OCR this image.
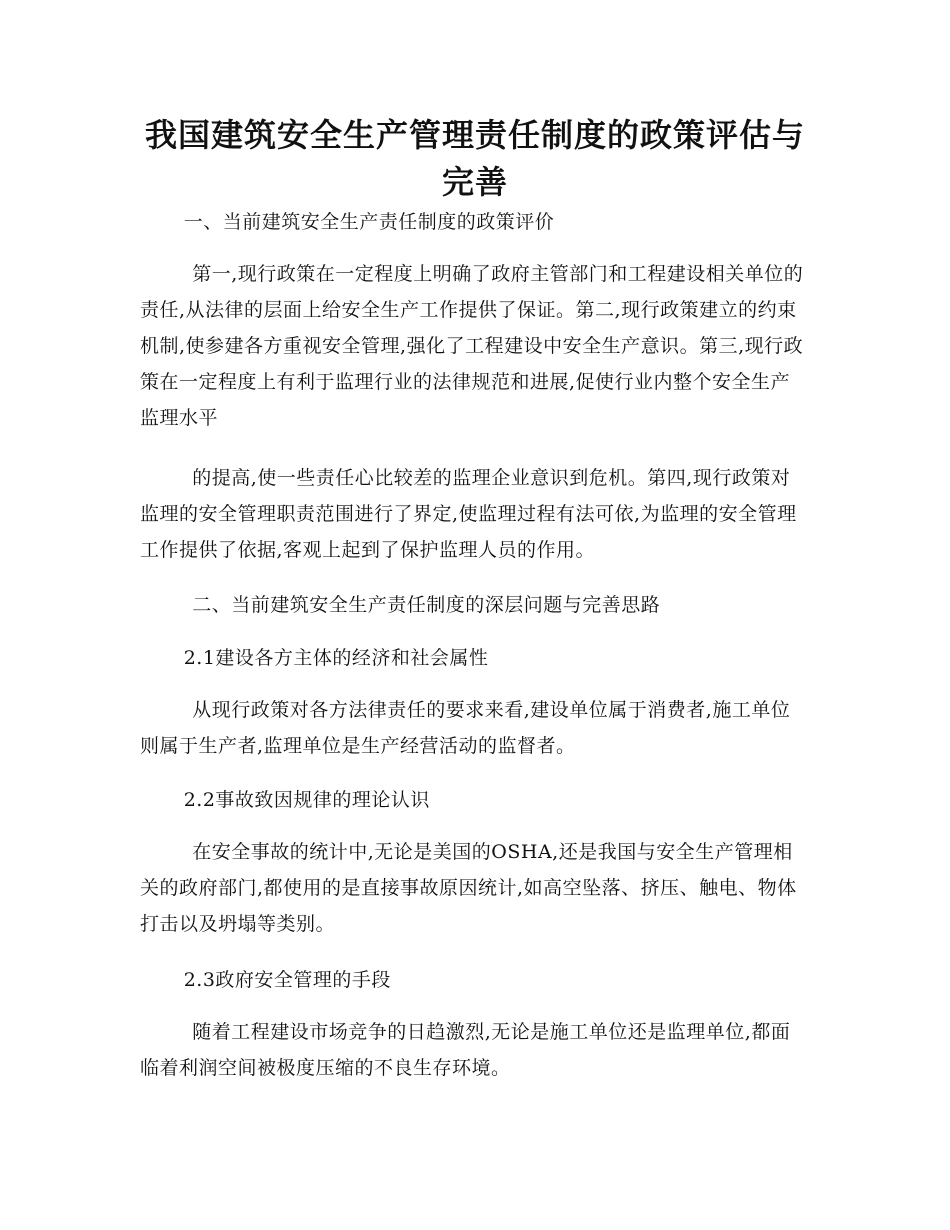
我国建筑安全生产管理责任制度的政策评估与完善

一、当前建筑安全生产责任制度的政策评价

第一,现行政策在一定程度上明确了政府主管部门和工程建设相关单位的责任,从法律的层面上给安全生产工作提供了保证。第二,现行政策建立的约束机制,使参建各方重视安全管理,强化了工程建设中安全生产意识。第三,现行政策在一定程度上有利于监理行业的法律规范和进展,促使行业内整个安全生产监理水平

的提高,使一些责任心比较差的监理企业意识到危机。第四,现行政策对监理的安全管理职责范围进行了界定,使监理过程有法可依,为监理的安全管理工作提供了依据,客观上起到了保护监理人员的作用。

二、当前建筑安全生产责任制度的深层问题与完善思路

2.1建设各方主体的经济和社会属性

从现行政策对各方法律责任的要求来看,建设单位属于消费者,施工单位则属于生产者,监理单位是生产经营活动的监督者。

2.2事故致因规律的理论认识

在安全事故的统计中,无论是美国的OSHA,还是我国与安全生产管理相关的政府部门,都使用的是直接事故原因统计,如高空坠落、挤压、触电、物体打击以及坍塌等类别。

2.3政府安全管理的手段

随着工程建设市场竞争的日趋激烈,无论是施工单位还是监理单位,都面临着利润空间被极度压缩的不良生存环境。
